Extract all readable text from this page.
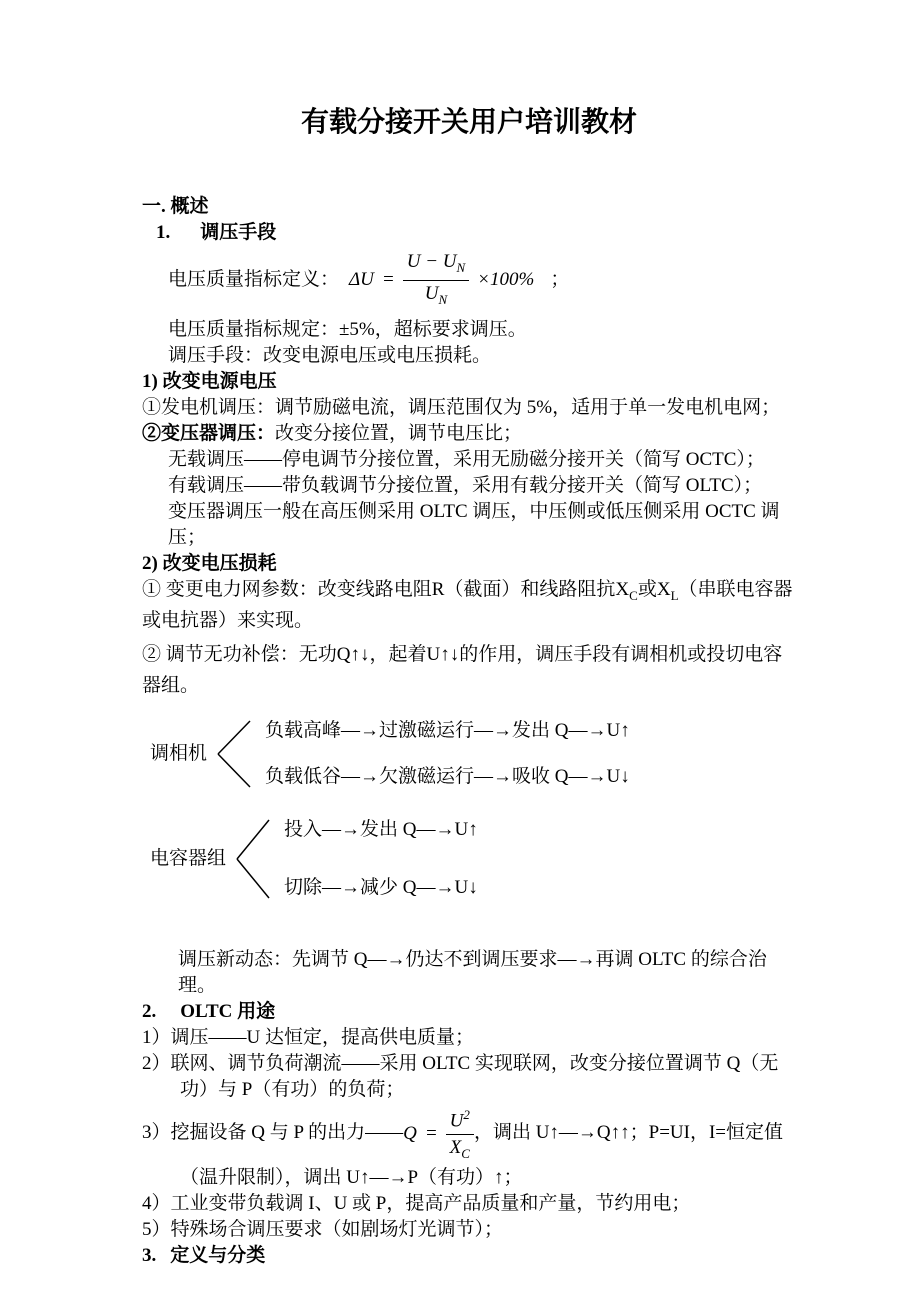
有载分接开关用户培训教材

一. 概述

1. 调压手段

电压质量指标定义： $\Delta U = \frac{U - U_N}{U_N} \times 100\%$ ；

电压质量指标规定：±5%，超标要求调压。

调压手段：改变电源电压或电压损耗。

1) 改变电源电压

①发电机调压：调节励磁电流，调压范围仅为 5%，适用于单一发电机电网；

②变压器调压：改变分接位置，调节电压比；

无载调压——停电调节分接位置，采用无励磁分接开关（简写 OCTC）；

有载调压——带负载调节分接位置，采用有载分接开关（简写 OLTC）；

变压器调压一般在高压侧采用 OLTC 调压，中压侧或低压侧采用 OCTC 调压；

2) 改变电压损耗

① 变更电力网参数：改变线路电阻R（截面）和线路阻抗$X_C$或$X_L$（串联电容器或电抗器）来实现。

② 调节无功补偿：无功Q↑↓，起着U↑↓的作用，调压手段有调相机或投切电容器组。

调相机

负载高峰—→过激磁运行—→发出 Q—→U↑

负载低谷—→欠激磁运行—→吸收 Q—→U↓

电容器组

投入—→发出 Q—→U↑

切除—→减少 Q—→U↓

调压新动态：先调节 Q—→仍达不到调压要求—→再调 OLTC 的综合治理。

2. OLTC 用途

1）调压——U 达恒定，提高供电质量；

2）联网、调节负荷潮流——采用 OLTC 实现联网，改变分接位置调节 Q（无功）与 P（有功）的负荷；

3）挖掘设备 Q 与 P 的出力—— $Q = \frac{U^2}{X_C}$ ，调出 U↑—→Q↑↑；P=UI，I=恒定值（温升限制），调出 U↑—→P（有功）↑；

4）工业变带负载调 I、U 或 P，提高产品质量和产量，节约用电；

5）特殊场合调压要求（如剧场灯光调节）；

3. 定义与分类
